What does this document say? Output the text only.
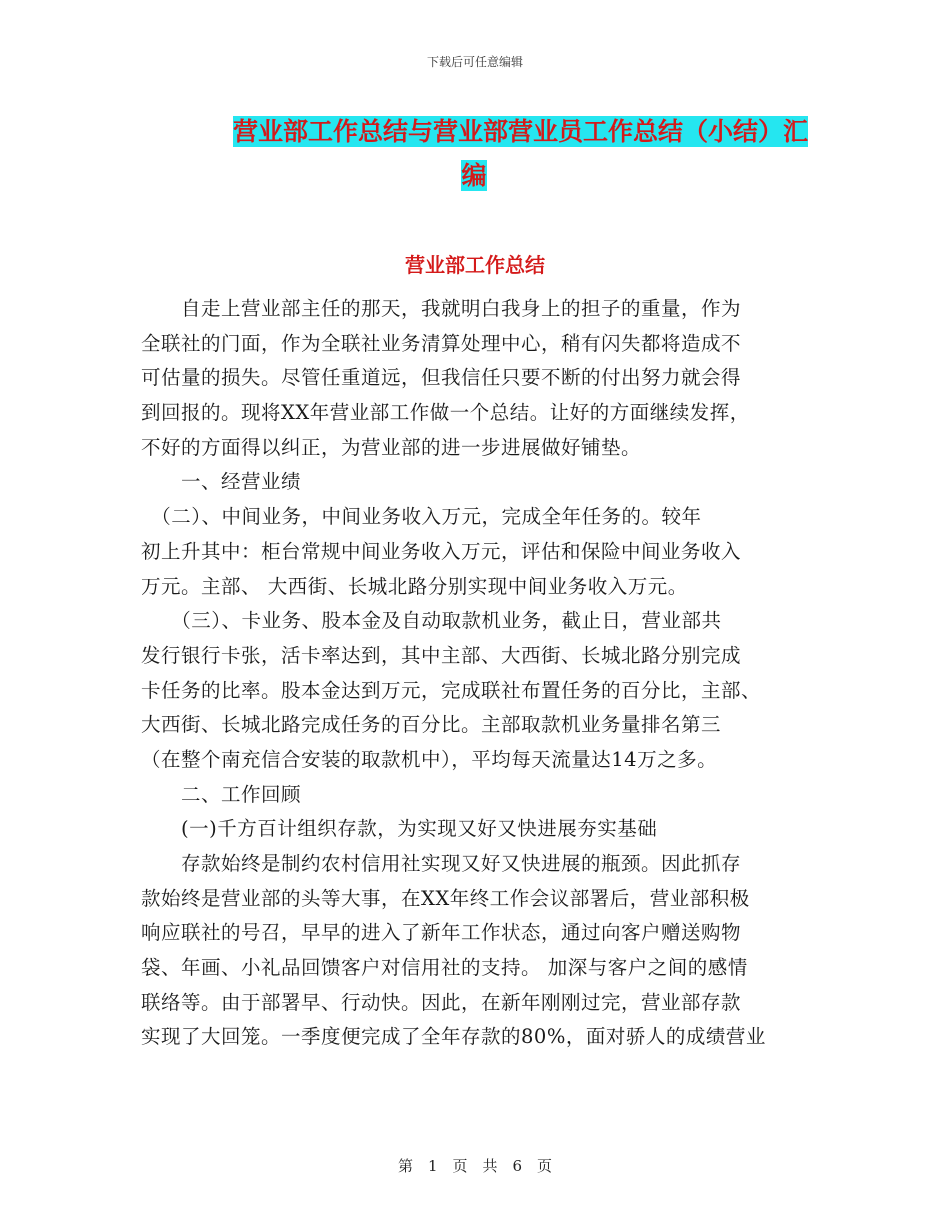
下载后可任意编辑
营业部工作总结与营业部营业员工作总结（小结）汇
编
营业部工作总结
　　自走上营业部主任的那天，我就明白我身上的担子的重量，作为
全联社的门面，作为全联社业务清算处理中心，稍有闪失都将造成不
可估量的损失。尽管任重道远，但我信任只要不断的付出努力就会得
到回报的。现将XX年营业部工作做一个总结。让好的方面继续发挥，
不好的方面得以纠正，为营业部的进一步进展做好铺垫。
　　一、经营业绩
　（二）、中间业务，中间业务收入万元，完成全年任务的。较年
初上升其中：柜台常规中间业务收入万元，评估和保险中间业务收入
万元。主部、 大西街、长城北路分别实现中间业务收入万元。
　　（三）、卡业务、股本金及自动取款机业务，截止日，营业部共
发行银行卡张，活卡率达到，其中主部、大西街、长城北路分别完成
卡任务的比率。股本金达到万元，完成联社布置任务的百分比，主部、
大西街、长城北路完成任务的百分比。主部取款机业务量排名第三
（在整个南充信合安装的取款机中），平均每天流量达14万之多。
　　二、工作回顾
　　(一)千方百计组织存款，为实现又好又快进展夯实基础
　　存款始终是制约农村信用社实现又好又快进展的瓶颈。因此抓存
款始终是营业部的头等大事，在XX年终工作会议部署后，营业部积极
响应联社的号召，早早的进入了新年工作状态，通过向客户赠送购物
袋、年画、小礼品回馈客户对信用社的支持。 加深与客户之间的感情
联络等。由于部署早、行动快。因此，在新年刚刚过完，营业部存款
实现了大回笼。一季度便完成了全年存款的80%，面对骄人的成绩营业
第　1　页　共　6　页
